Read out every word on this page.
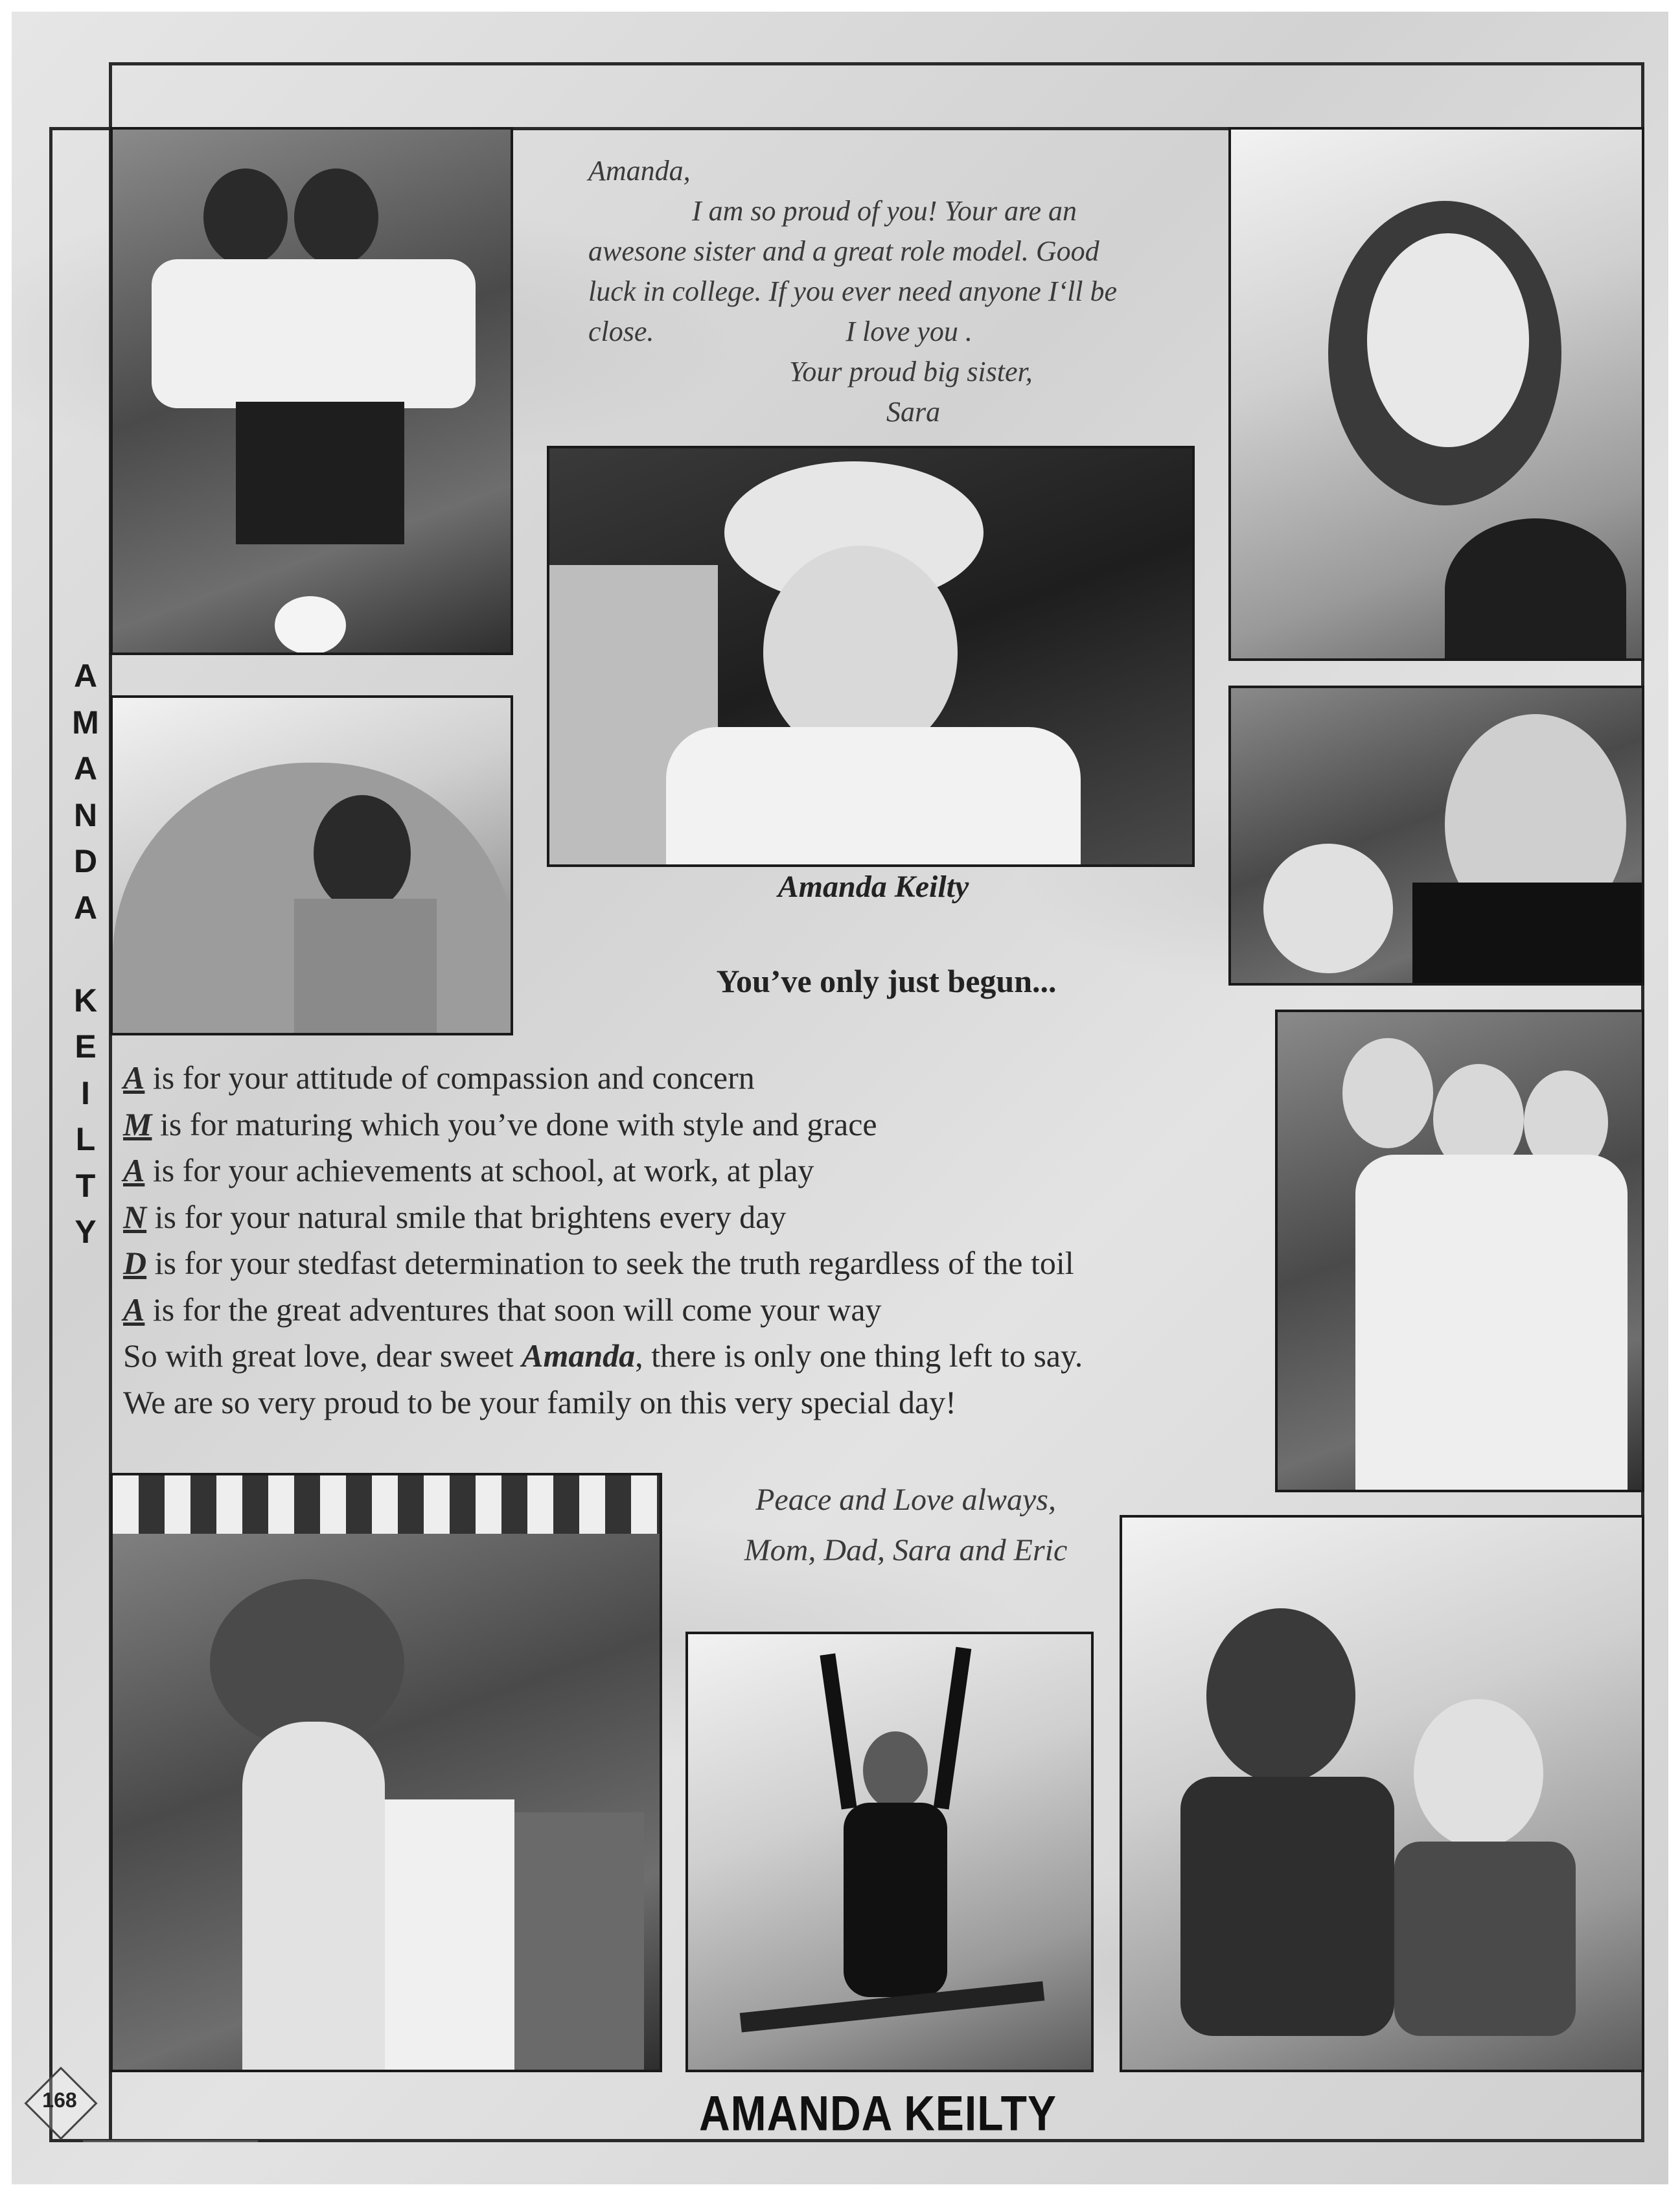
Amanda,
I am so proud of you! Your are an
awesone sister and a great role model. Good
luck in college. If you ever need anyone I‘ll be
close.	I love you .
Your proud big sister,
Sara
Amanda Keilty
You’ve only just begun...
A is for your attitude of compassion and concern
M is for maturing which you’ve done with style and grace
A is for your achievements at school, at work, at play
N is for your natural smile that brightens every day
D is for your stedfast determination to seek the truth regardless of the toil
A is for the great adventures that soon will come your way
So with great love, dear sweet Amanda, there is only one thing left to say.
We are so very proud to be your family on this very special day!
Peace and Love always,
Mom, Dad, Sara and Eric
A
M
A
N
D
A
K
E
I
L
T
Y
AMANDA KEILTY
168
